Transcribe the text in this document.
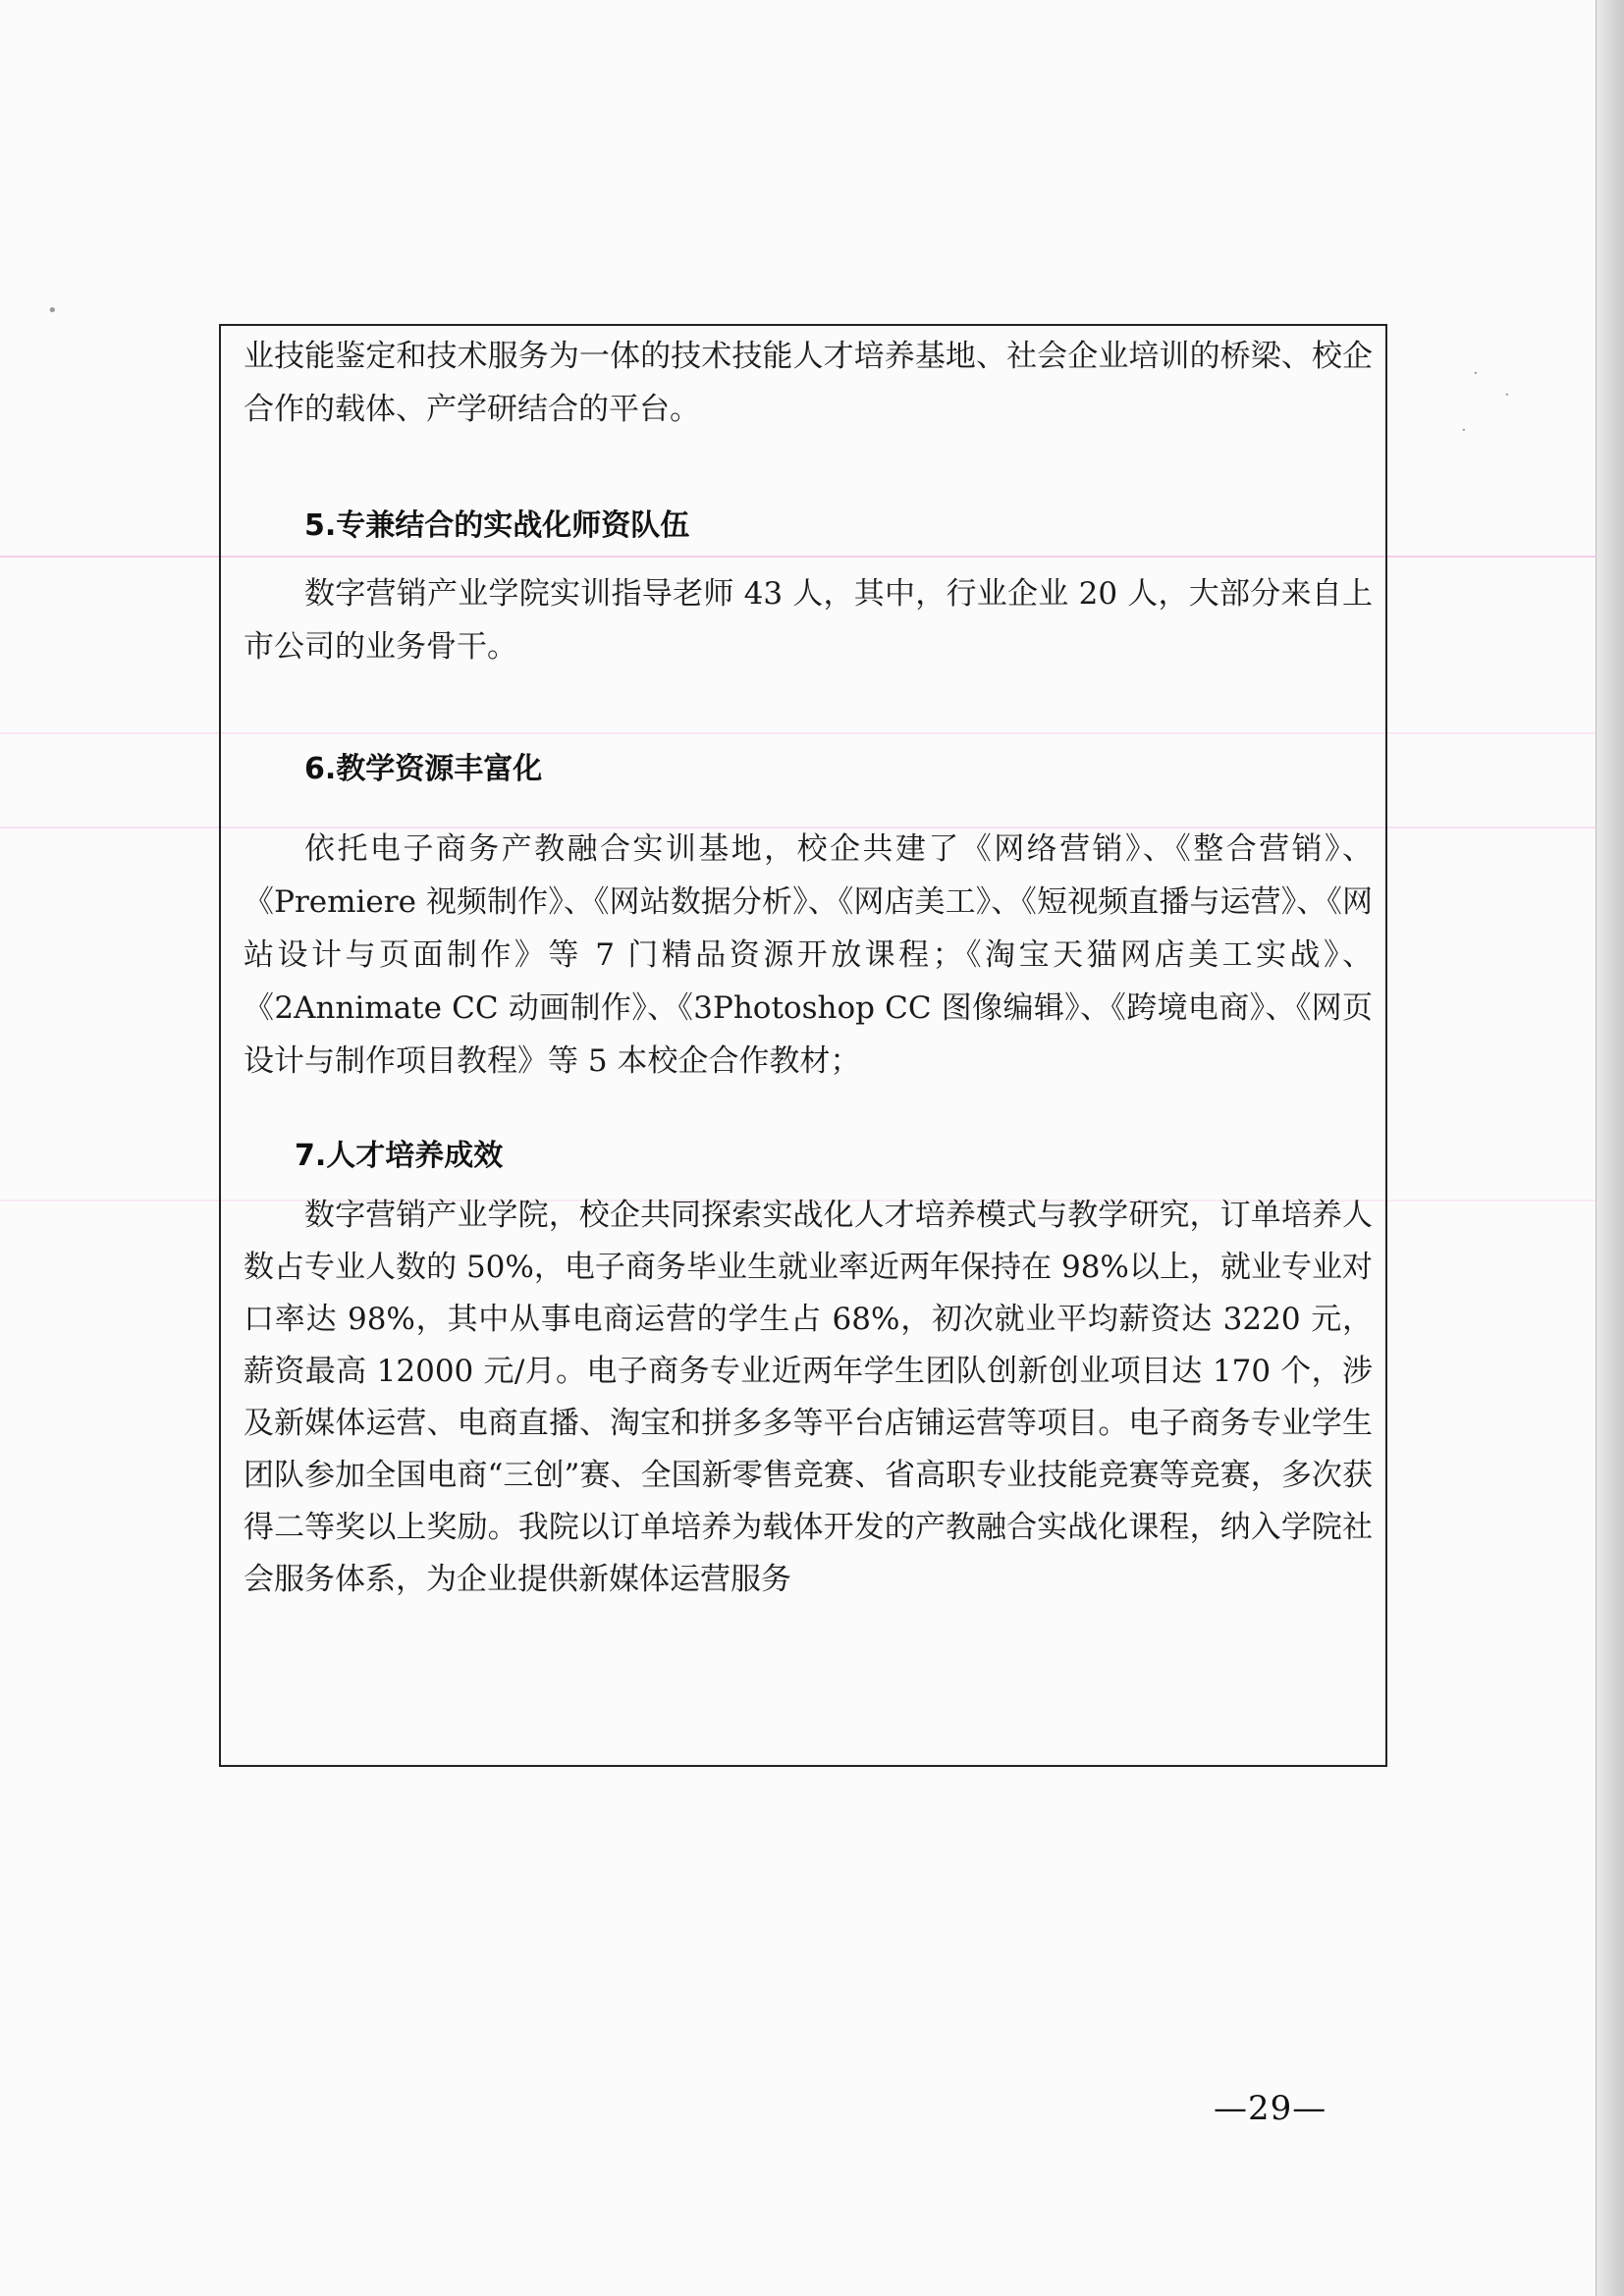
•
·
·
·

业技能鉴定和技术服务为一体的技术技能人才培养基地、社会企业培训的桥梁、校企合作的载体、产学研结合的平台。

5.专兼结合的实战化师资队伍

数字营销产业学院实训指导老师 43 人，其中，行业企业 20 人，大部分来自上市公司的业务骨干。

6.教学资源丰富化

依托电子商务产教融合实训基地，校企共建了《网络营销》、《整合营销》、《Premiere 视频制作》、《网站数据分析》、《网店美工》、《短视频直播与运营》、《网站设计与页面制作》等 7 门精品资源开放课程；《淘宝天猫网店美工实战》、《2Annimate CC 动画制作》、《3Photoshop CC 图像编辑》、《跨境电商》、《网页设计与制作项目教程》等 5 本校企合作教材；

7.人才培养成效

数字营销产业学院，校企共同探索实战化人才培养模式与教学研究，订单培养人数占专业人数的 50%，电子商务毕业生就业率近两年保持在 98%以上，就业专业对口率达 98%，其中从事电商运营的学生占 68%，初次就业平均薪资达 3220 元，薪资最高 12000 元/月。电子商务专业近两年学生团队创新创业项目达 170 个，涉及新媒体运营、电商直播、淘宝和拼多多等平台店铺运营等项目。电子商务专业学生团队参加全国电商“三创”赛、全国新零售竞赛、省高职专业技能竞赛等竞赛，多次获得二等奖以上奖励。我院以订单培养为载体开发的产教融合实战化课程，纳入学院社会服务体系，为企业提供新媒体运营服务

—29—
